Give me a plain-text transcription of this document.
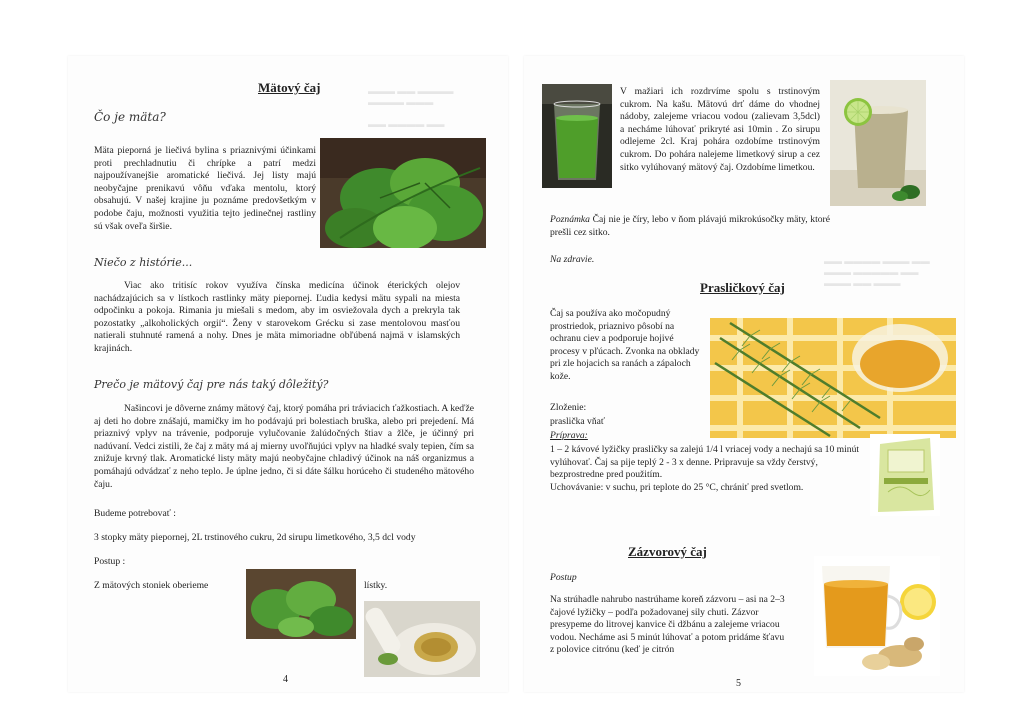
▬▬▬ ▬▬ ▬▬▬▬
▬▬▬▬ ▬▬▬

▬▬ ▬▬▬▬ ▬▬
Mätový čaj
Čo je mäta?

Mäta pieporná je liečivá bylina s priaznivými účinkami proti prechladnutiu či chrípke a patrí medzi najpoužívanejšie aromatické liečivá. Jej listy majú neobyčajne prenikavú vôňu vďaka mentolu, ktorý obsahujú. V našej krajine ju poznáme predovšetkým v podobe čaju, možnosti využitia tejto jedinečnej rastliny sú však oveľa širšie.

Niečo z histórie...

Viac ako tritisíc rokov využíva čínska medicína účinok éterických olejov nachádzajúcich sa v lístkoch rastlinky mäty piepornej. Ľudia kedysi mätu sypali na miesta odpočinku a pokoja. Rimania ju miešali s medom, aby im osviežovala dych a prekryla tak pozostatky „alkoholických orgií“. Ženy v starovekom Grécku si zase mentolovou masťou natierali stuhnuté ramená a nohy. Dnes je mäta mimoriadne obľúbená najmä v islamských krajinách.

Prečo je mätový čaj pre nás taký dôležitý?

Našincovi je dôverne známy mätový čaj, ktorý pomáha pri tráviacich ťažkostiach. A keďže aj deti ho dobre znášajú, mamičky im ho podávajú pri bolestiach bruška, alebo pri prejedení. Má priaznivý vplyv na trávenie, podporuje vylučovanie žalúdočných štiav a žlče, je účinný pri nadúvaní. Vedci zistili, že čaj z mäty má aj mierny uvoľňujúci vplyv na hladké svaly tepien, čím sa znižuje krvný tlak. Aromatické listy mäty majú neobyčajne chladivý účinok na náš organizmus a pomáhajú odvádzať z neho teplo. Je úplne jedno, či si dáte šálku horúceho či studeného mätového čaju.

Budeme potrebovať :
3 stopky mäty piepornej, 2L trstinového cukru, 2d sirupu limetkového, 3,5 dcl vody
Postup :
Z mätových stoniek oberieme	lístky.
4
▬▬ ▬▬▬▬ ▬▬▬ ▬▬
▬▬▬ ▬▬▬▬▬ ▬▬
▬▬▬ ▬▬ ▬▬▬

V mažiari ich rozdrvíme spolu s trstinovým cukrom. Na kašu. Mätovú drť dáme do vhodnej nádoby, zalejeme vriacou vodou (zalievam 3,5dcl) a necháme lúhovať prikryté asi 10min . Zo sirupu odlejeme 2cl. Kraj pohára ozdobíme trstinovým cukrom. Do pohára nalejeme limetkový sirup a cez sitko vylúhovaný mätový čaj. Ozdobíme limetkou.

Poznámka Čaj nie je číry, lebo v ňom plávajú mikrokúsočky mäty, ktoré prešli cez sitko.
Na zdravie.
Prasličkový čaj

Čaj sa používa ako močopudný prostriedok, priaznivo pôsobí na ochranu ciev a podporuje hojivé procesy v pľúcach. Zvonka na obklady pri zle hojacich sa ranách a zápaloch kože.

Zloženie:
praslička vňať
Príprava:

1 – 2 kávové lyžičky prasličky sa zalejú 1/4 l vriacej vody a nechajú sa 10 minút vylúhovať. Čaj sa pije teplý 2 - 3 x denne. Pripravuje sa vždy čerstvý, bezprostredne pred použitím.

Uchovávanie: v suchu, pri teplote do 25 °C, chrániť pred svetlom.

Zázvorový čaj
Postup

Na strúhadle nahrubo nastrúhame koreň zázvoru – asi na 2–3 čajové lyžičky – podľa požadovanej sily chuti. Zázvor presypeme do litrovej kanvice či džbánu a zalejeme vriacou vodou. Necháme asi 5 minút lúhovať a potom pridáme šťavu z polovice citrónu (keď je citrón

5
